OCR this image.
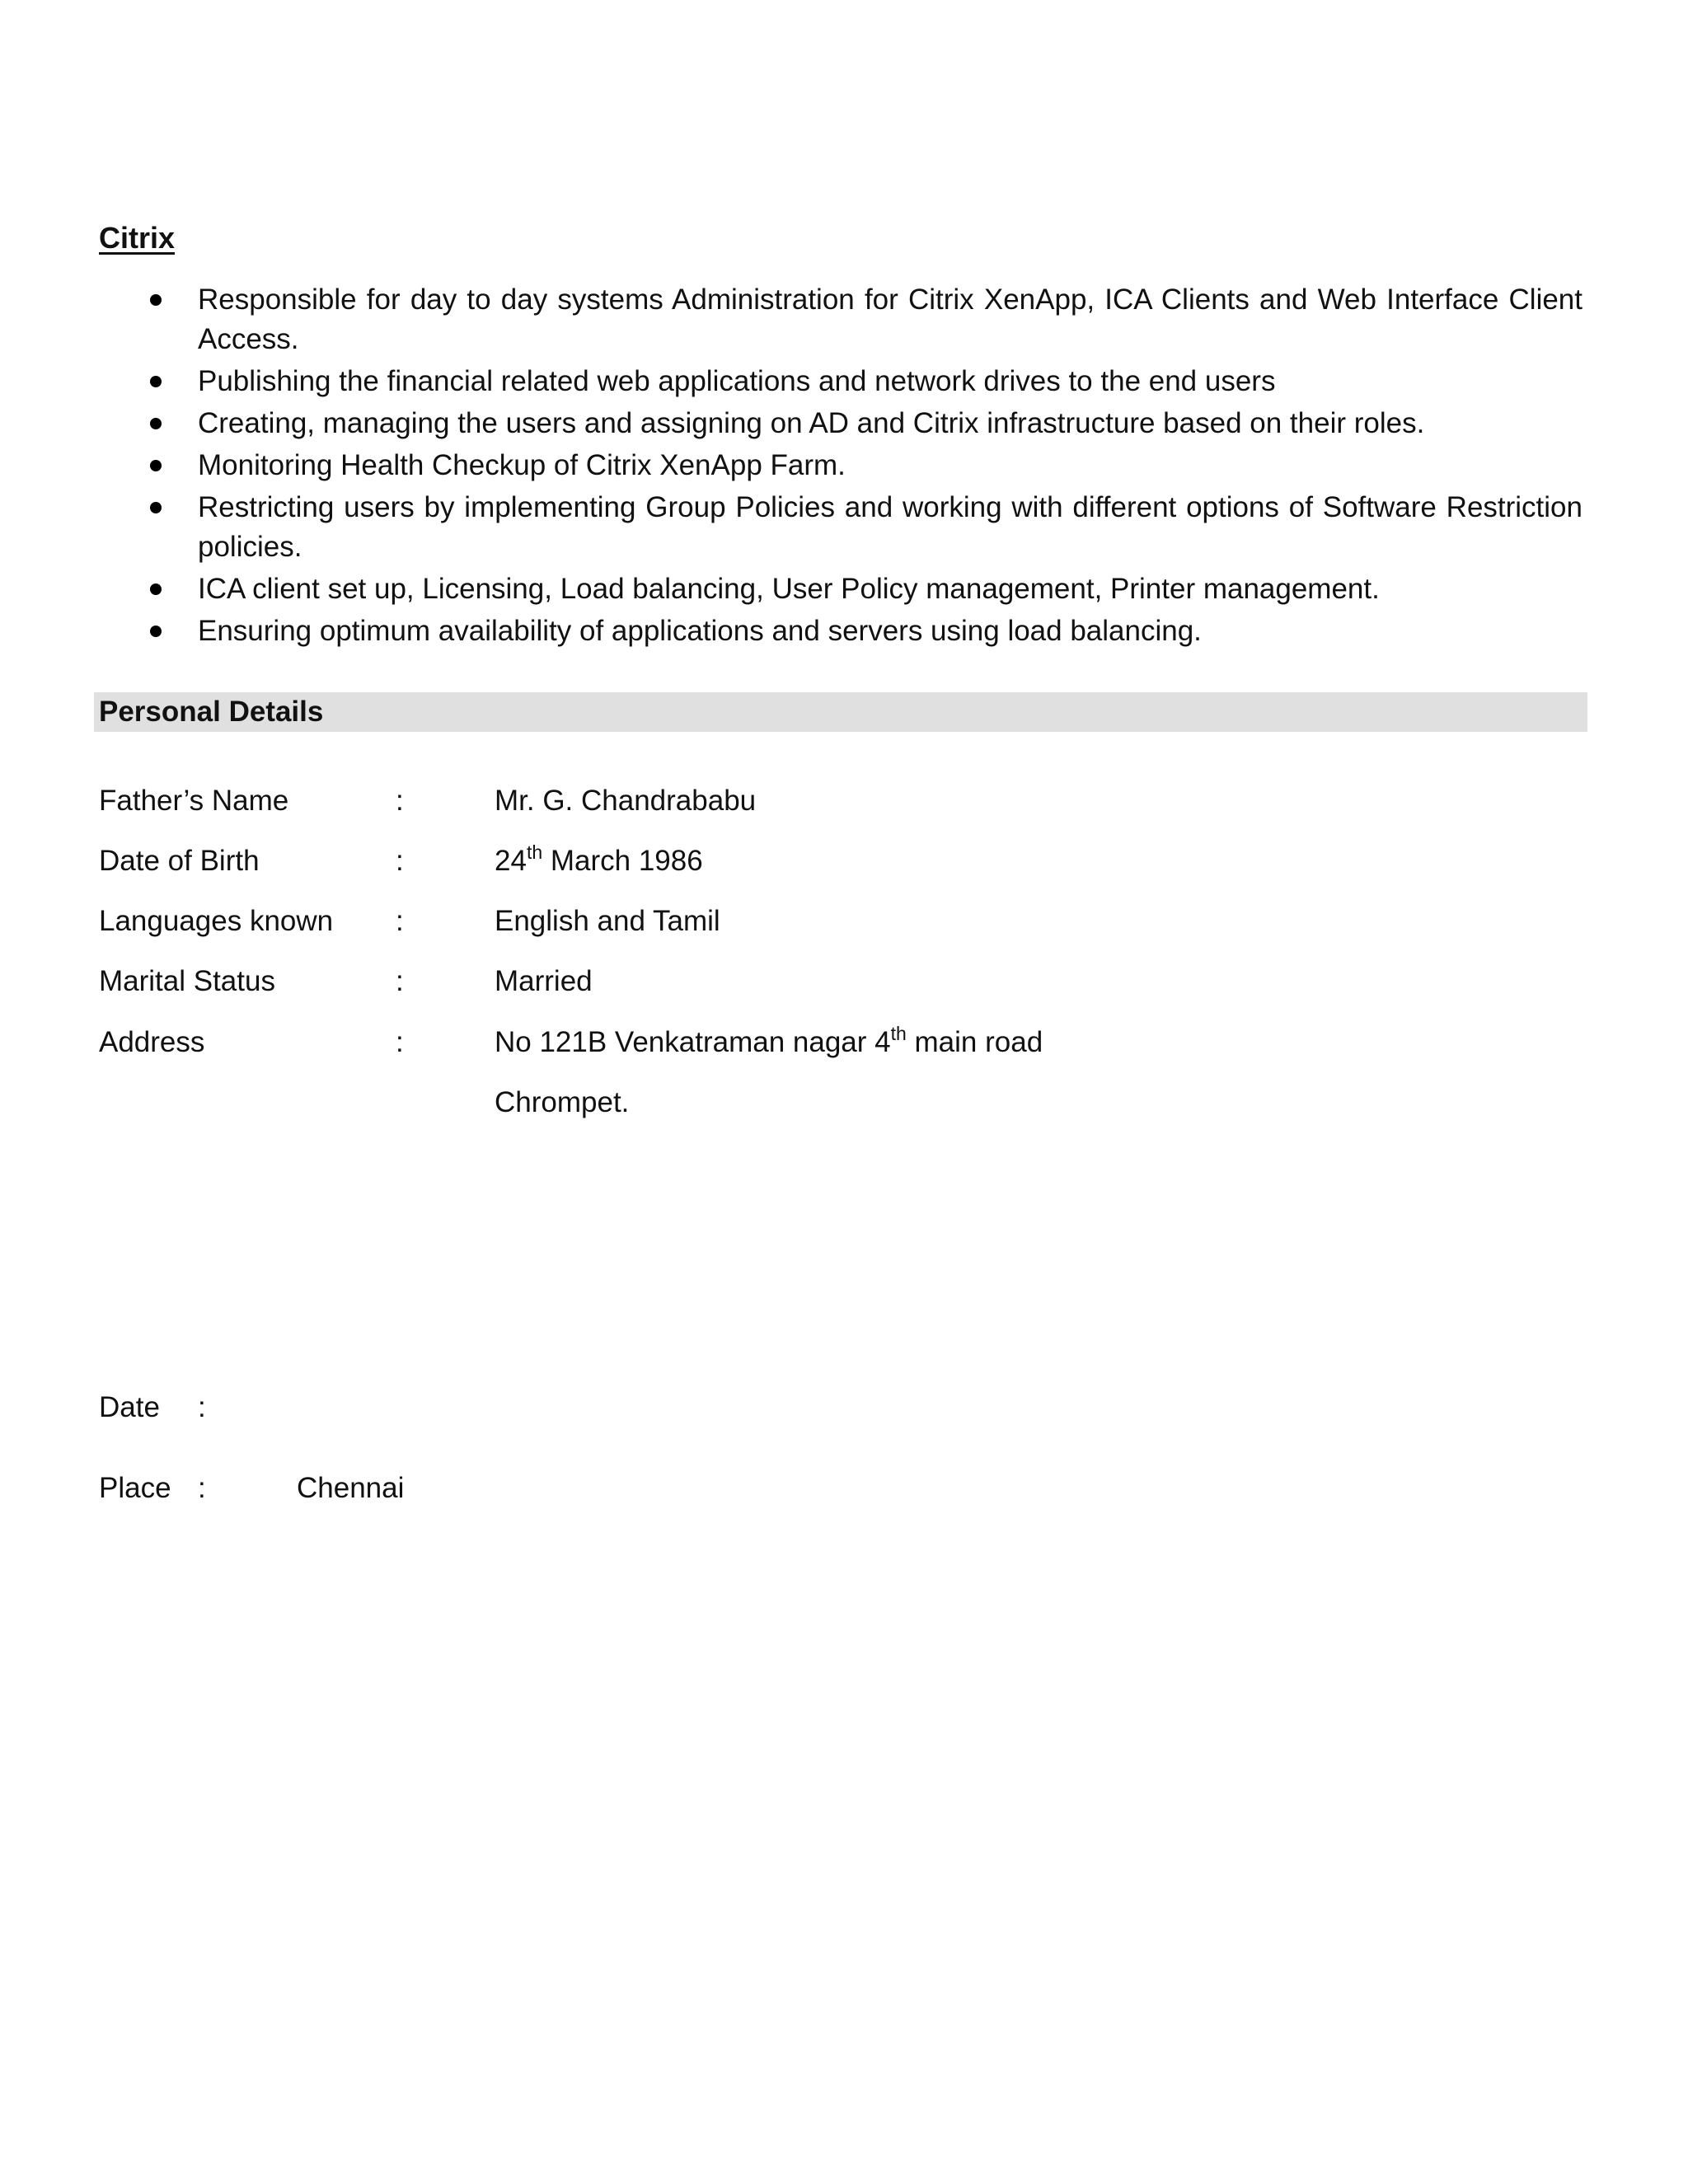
Citrix
Responsible for day to day systems Administration for Citrix XenApp, ICA Clients and Web Interface Client Access.
Publishing the financial related web applications and network drives to the end users
Creating, managing the users and assigning on AD and Citrix infrastructure based on their roles.
Monitoring Health Checkup of Citrix XenApp Farm.
Restricting users by implementing Group Policies and working with different options of Software Restriction policies.
ICA client set up, Licensing, Load balancing, User Policy management, Printer management.
Ensuring optimum availability of applications and servers using load balancing.
Personal Details
Father’s Name	:	Mr. G. Chandrababu
Date of Birth	:	24th March 1986
Languages known :	English and Tamil
Marital Status	:	Married
Address	:	No 121B Venkatraman nagar 4th main road
Chrompet.
Date :
Place :	Chennai
